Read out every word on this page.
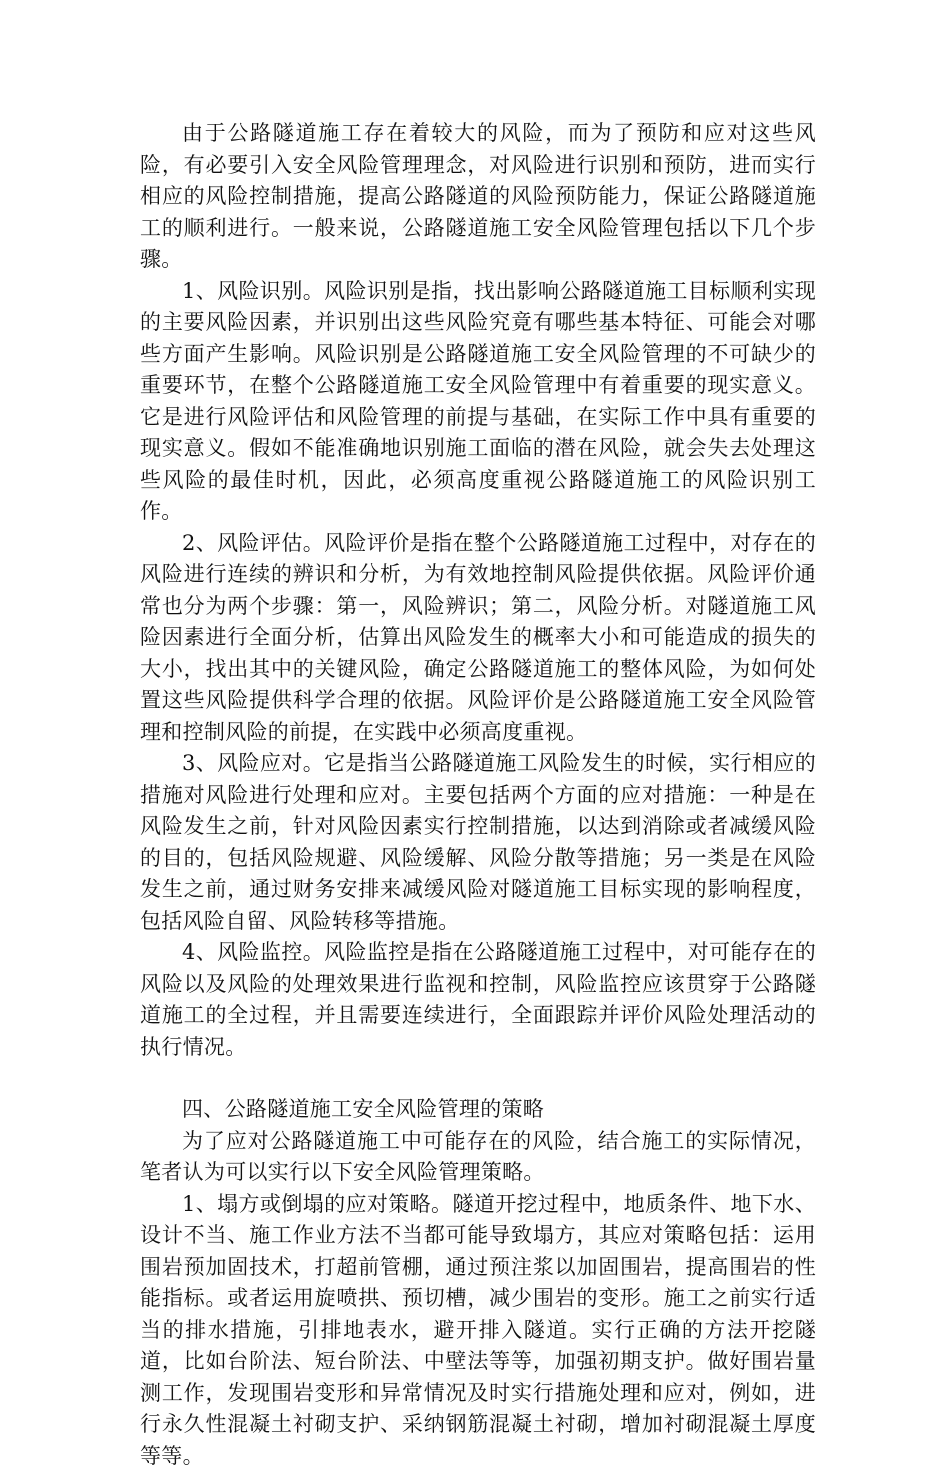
由于公路隧道施工存在着较大的风险，而为了预防和应对这些风险，有必要引入安全风险管理理念，对风险进行识别和预防，进而实行相应的风险控制措施，提高公路隧道的风险预防能力，保证公路隧道施工的顺利进行。一般来说，公路隧道施工安全风险管理包括以下几个步骤。

1、风险识别。风险识别是指，找出影响公路隧道施工目标顺利实现的主要风险因素，并识别出这些风险究竟有哪些基本特征、可能会对哪些方面产生影响。风险识别是公路隧道施工安全风险管理的不可缺少的重要环节，在整个公路隧道施工安全风险管理中有着重要的现实意义。它是进行风险评估和风险管理的前提与基础，在实际工作中具有重要的现实意义。假如不能准确地识别施工面临的潜在风险，就会失去处理这些风险的最佳时机，因此，必须高度重视公路隧道施工的风险识别工作。

2、风险评估。风险评价是指在整个公路隧道施工过程中，对存在的风险进行连续的辨识和分析，为有效地控制风险提供依据。风险评价通常也分为两个步骤：第一，风险辨识；第二，风险分析。对隧道施工风险因素进行全面分析，估算出风险发生的概率大小和可能造成的损失的大小，找出其中的关键风险，确定公路隧道施工的整体风险，为如何处置这些风险提供科学合理的依据。风险评价是公路隧道施工安全风险管理和控制风险的前提，在实践中必须高度重视。

3、风险应对。它是指当公路隧道施工风险发生的时候，实行相应的措施对风险进行处理和应对。主要包括两个方面的应对措施：一种是在风险发生之前，针对风险因素实行控制措施，以达到消除或者减缓风险的目的，包括风险规避、风险缓解、风险分散等措施；另一类是在风险发生之前，通过财务安排来减缓风险对隧道施工目标实现的影响程度，包括风险自留、风险转移等措施。

4、风险监控。风险监控是指在公路隧道施工过程中，对可能存在的风险以及风险的处理效果进行监视和控制，风险监控应该贯穿于公路隧道施工的全过程，并且需要连续进行，全面跟踪并评价风险处理活动的执行情况。

四、公路隧道施工安全风险管理的策略

为了应对公路隧道施工中可能存在的风险，结合施工的实际情况，笔者认为可以实行以下安全风险管理策略。

1、塌方或倒塌的应对策略。隧道开挖过程中，地质条件、地下水、设计不当、施工作业方法不当都可能导致塌方，其应对策略包括：运用围岩预加固技术，打超前管棚，通过预注浆以加固围岩，提高围岩的性能指标。或者运用旋喷拱、预切槽，减少围岩的变形。施工之前实行适当的排水措施，引排地表水，避开排入隧道。实行正确的方法开挖隧道，比如台阶法、短台阶法、中壁法等等，加强初期支护。做好围岩量测工作，发现围岩变形和异常情况及时实行措施处理和应对，例如，进行永久性混凝土衬砌支护、采纳钢筋混凝土衬砌，增加衬砌混凝土厚度等等。
